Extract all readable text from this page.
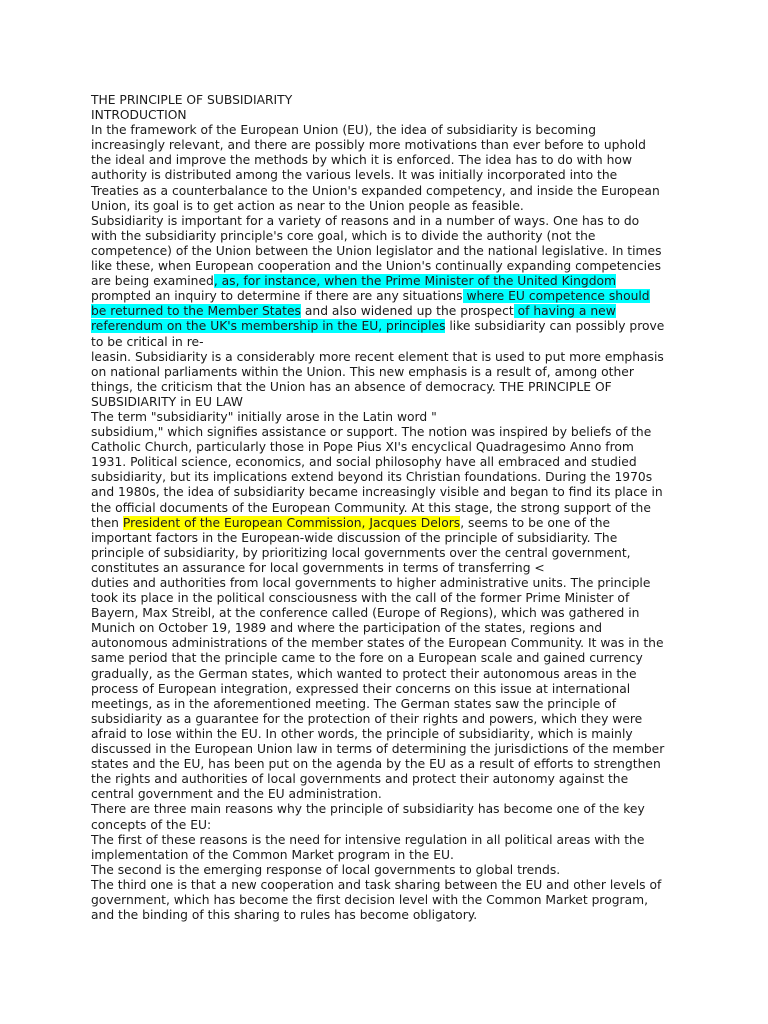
THE PRINCIPLE OF SUBSIDIARITY
INTRODUCTION
In the framework of the European Union (EU), the idea of subsidiarity is becoming
increasingly relevant, and there are possibly more motivations than ever before to uphold
the ideal and improve the methods by which it is enforced. The idea has to do with how
authority is distributed among the various levels. It was initially incorporated into the
Treaties as a counterbalance to the Union's expanded competency, and inside the European
Union, its goal is to get action as near to the Union people as feasible.
Subsidiarity is important for a variety of reasons and in a number of ways. One has to do
with the subsidiarity principle's core goal, which is to divide the authority (not the
competence) of the Union between the Union legislator and the national legislative. In times
like these, when European cooperation and the Union's continually expanding competencies
are being examined, as, for instance, when the Prime Minister of the United Kingdom
prompted an inquiry to determine if there are any situations where EU competence should
be returned to the Member States and also widened up the prospect of having a new
referendum on the UK's membership in the EU, principles like subsidiarity can possibly prove
to be critical in re-
leasin. Subsidiarity is a considerably more recent element that is used to put more emphasis
on national parliaments within the Union. This new emphasis is a result of, among other
things, the criticism that the Union has an absence of democracy. THE PRINCIPLE OF
SUBSIDIARITY in EU LAW
The term "subsidiarity" initially arose in the Latin word "
subsidium," which signifies assistance or support. The notion was inspired by beliefs of the
Catholic Church, particularly those in Pope Pius XI's encyclical Quadragesimo Anno from
1931. Political science, economics, and social philosophy have all embraced and studied
subsidiarity, but its implications extend beyond its Christian foundations. During the 1970s
and 1980s, the idea of subsidiarity became increasingly visible and began to find its place in
the official documents of the European Community. At this stage, the strong support of the
then President of the European Commission, Jacques Delors, seems to be one of the
important factors in the European-wide discussion of the principle of subsidiarity. The
principle of subsidiarity, by prioritizing local governments over the central government,
constitutes an assurance for local governments in terms of transferring <
duties and authorities from local governments to higher administrative units. The principle
took its place in the political consciousness with the call of the former Prime Minister of
Bayern, Max Streibl, at the conference called (Europe of Regions), which was gathered in
Munich on October 19, 1989 and where the participation of the states, regions and
autonomous administrations of the member states of the European Community. It was in the
same period that the principle came to the fore on a European scale and gained currency
gradually, as the German states, which wanted to protect their autonomous areas in the
process of European integration, expressed their concerns on this issue at international
meetings, as in the aforementioned meeting. The German states saw the principle of
subsidiarity as a guarantee for the protection of their rights and powers, which they were
afraid to lose within the EU. In other words, the principle of subsidiarity, which is mainly
discussed in the European Union law in terms of determining the jurisdictions of the member
states and the EU, has been put on the agenda by the EU as a result of efforts to strengthen
the rights and authorities of local governments and protect their autonomy against the
central government and the EU administration.
There are three main reasons why the principle of subsidiarity has become one of the key
concepts of the EU:
The first of these reasons is the need for intensive regulation in all political areas with the
implementation of the Common Market program in the EU.
The second is the emerging response of local governments to global trends.
The third one is that a new cooperation and task sharing between the EU and other levels of
government, which has become the first decision level with the Common Market program,
and the binding of this sharing to rules has become obligatory.
